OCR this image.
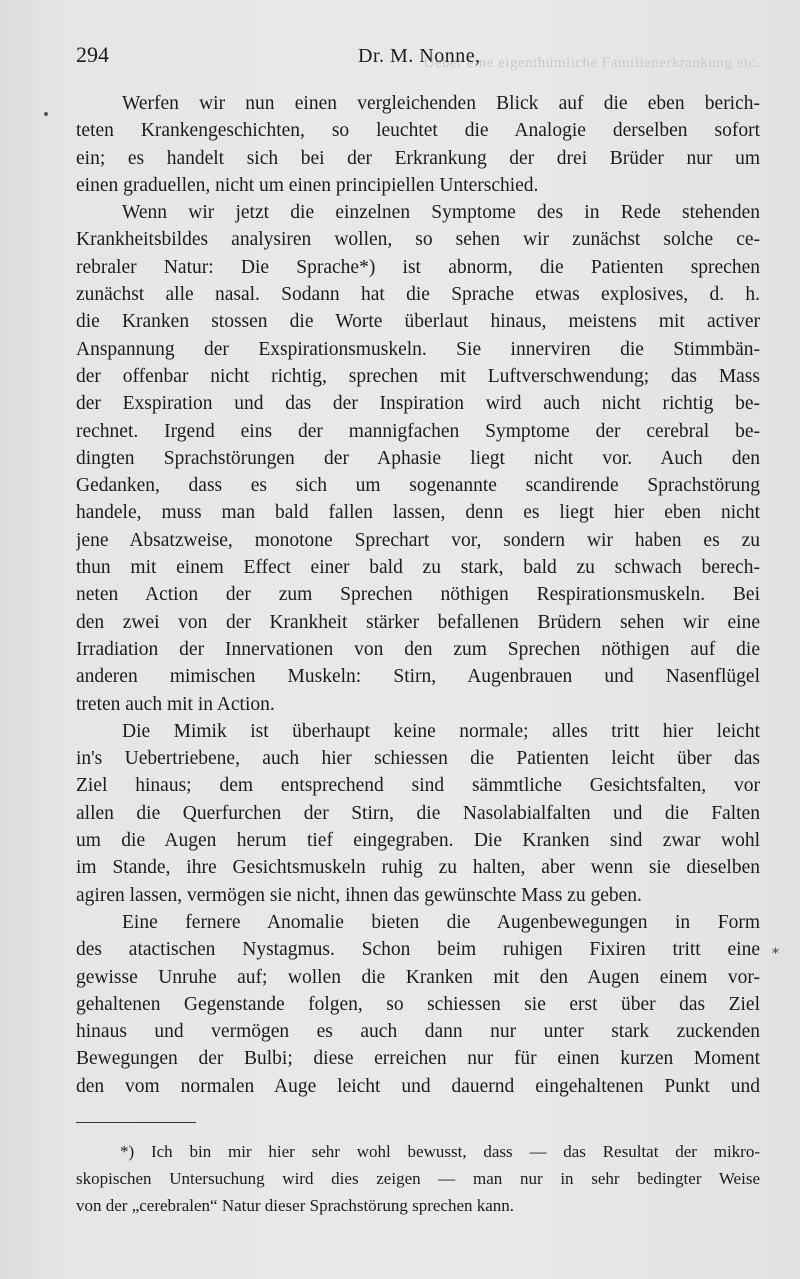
Ueber eine eigenthümliche Familienerkrankung etc.
*
294	Dr. M. Nonne,
Werfen wir nun einen vergleichenden Blick auf die eben berich-
teten Krankengeschichten, so leuchtet die Analogie derselben sofort
ein; es handelt sich bei der Erkrankung der drei Brüder nur um
einen graduellen, nicht um einen principiellen Unterschied.
Wenn wir jetzt die einzelnen Symptome des in Rede stehenden
Krankheitsbildes analysiren wollen, so sehen wir zunächst solche ce-
rebraler Natur: Die Sprache*) ist abnorm, die Patienten sprechen
zunächst alle nasal. Sodann hat die Sprache etwas explosives, d. h.
die Kranken stossen die Worte überlaut hinaus, meistens mit activer
Anspannung der Exspirationsmuskeln. Sie innerviren die Stimmbän-
der offenbar nicht richtig, sprechen mit Luftverschwendung; das Mass
der Exspiration und das der Inspiration wird auch nicht richtig be-
rechnet. Irgend eins der mannigfachen Symptome der cerebral be-
dingten Sprachstörungen der Aphasie liegt nicht vor. Auch den
Gedanken, dass es sich um sogenannte scandirende Sprachstörung
handele, muss man bald fallen lassen, denn es liegt hier eben nicht
jene Absatzweise, monotone Sprechart vor, sondern wir haben es zu
thun mit einem Effect einer bald zu stark, bald zu schwach berech-
neten Action der zum Sprechen nöthigen Respirationsmuskeln. Bei
den zwei von der Krankheit stärker befallenen Brüdern sehen wir eine
Irradiation der Innervationen von den zum Sprechen nöthigen auf die
anderen mimischen Muskeln: Stirn, Augenbrauen und Nasenflügel
treten auch mit in Action.
Die Mimik ist überhaupt keine normale; alles tritt hier leicht
in's Uebertriebene, auch hier schiessen die Patienten leicht über das
Ziel hinaus; dem entsprechend sind sämmtliche Gesichtsfalten, vor
allen die Querfurchen der Stirn, die Nasolabialfalten und die Falten
um die Augen herum tief eingegraben. Die Kranken sind zwar wohl
im Stande, ihre Gesichtsmuskeln ruhig zu halten, aber wenn sie dieselben
agiren lassen, vermögen sie nicht, ihnen das gewünschte Mass zu geben.
Eine fernere Anomalie bieten die Augenbewegungen in Form
des atactischen Nystagmus. Schon beim ruhigen Fixiren tritt eine
gewisse Unruhe auf; wollen die Kranken mit den Augen einem vor-
gehaltenen Gegenstande folgen, so schiessen sie erst über das Ziel
hinaus und vermögen es auch dann nur unter stark zuckenden
Bewegungen der Bulbi; diese erreichen nur für einen kurzen Moment
den vom normalen Auge leicht und dauernd eingehaltenen Punkt und
*) Ich bin mir hier sehr wohl bewusst, dass — das Resultat der mikro-
skopischen Untersuchung wird dies zeigen — man nur in sehr bedingter Weise
von der „cerebralen“ Natur dieser Sprachstörung sprechen kann.
